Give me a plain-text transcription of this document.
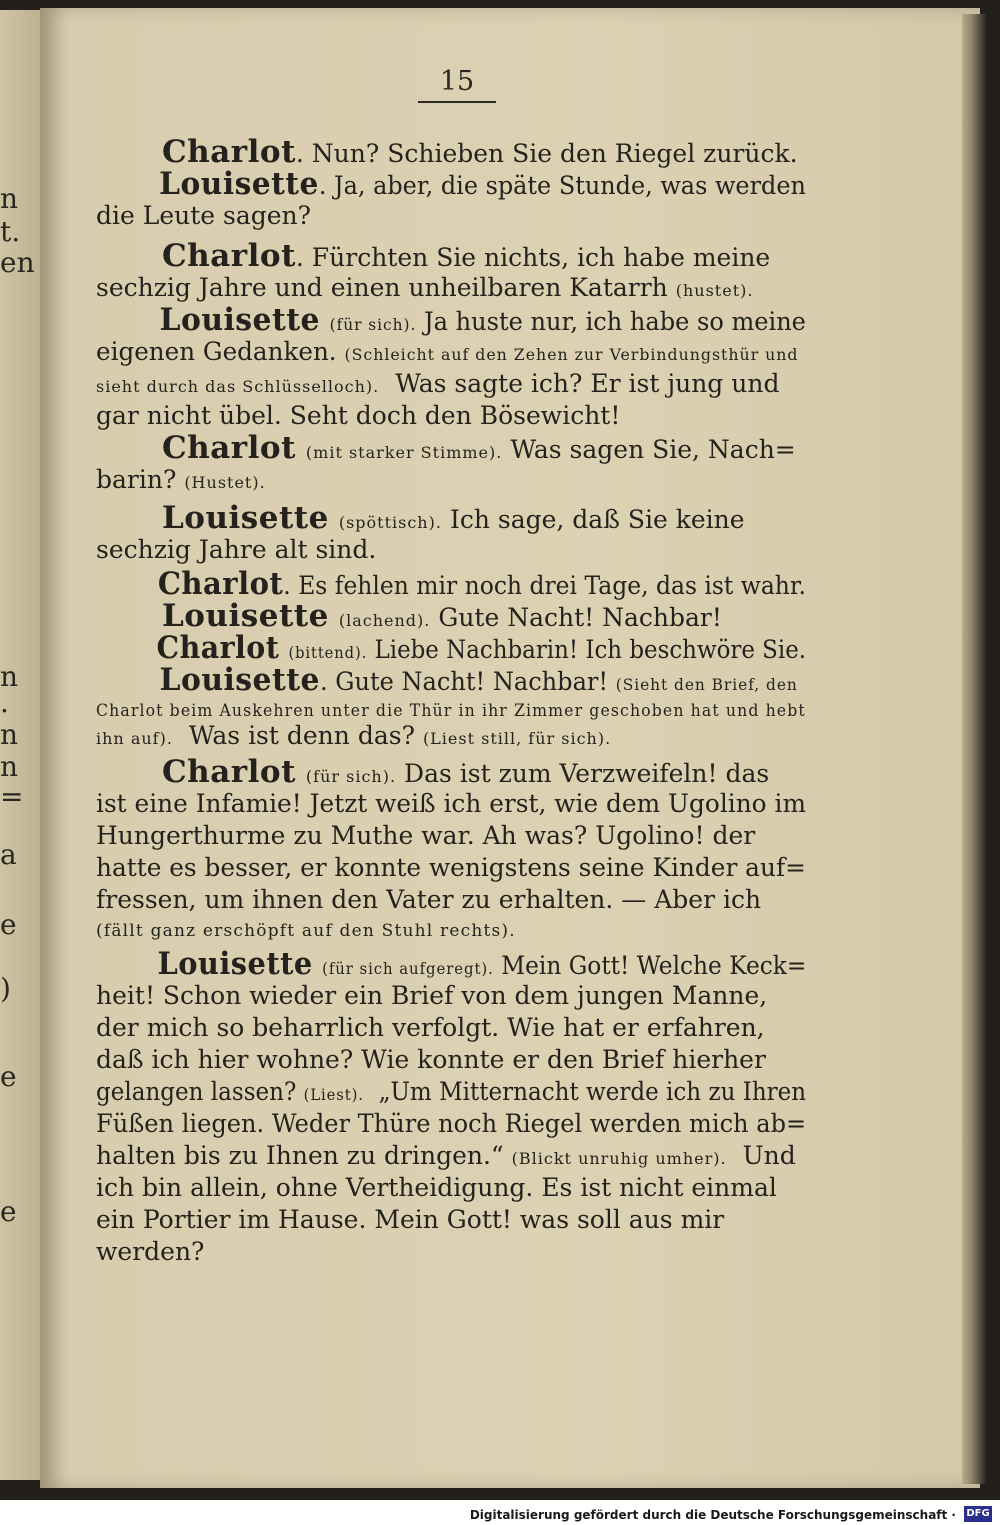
n
t.
en
n
.
n
n
=
a
e
)
e
e
15
Charlot. Nun? Schieben Sie den Riegel zurück.
Louisette. Ja, aber, die späte Stunde, was werden
die Leute sagen?
Charlot. Fürchten Sie nichts, ich habe meine
sechzig Jahre und einen unheilbaren Katarrh (hustet).
Louisette (für sich). Ja huste nur, ich habe so meine
eigenen Gedanken. (Schleicht auf den Zehen zur Verbindungsthür und
sieht durch das Schlüsselloch). Was sagte ich? Er ist jung und
gar nicht übel. Seht doch den Bösewicht!
Charlot (mit starker Stimme). Was sagen Sie, Nach=
barin? (Hustet).
Louisette (spöttisch). Ich sage, daß Sie keine
sechzig Jahre alt sind.
Charlot. Es fehlen mir noch drei Tage, das ist wahr.
Louisette (lachend). Gute Nacht! Nachbar!
Charlot (bittend). Liebe Nachbarin! Ich beschwöre Sie.
Louisette. Gute Nacht! Nachbar! (Sieht den Brief, den
Charlot beim Auskehren unter die Thür in ihr Zimmer geschoben hat und hebt
ihn auf). Was ist denn das? (Liest still, für sich).
Charlot (für sich). Das ist zum Verzweifeln! das
ist eine Infamie! Jetzt weiß ich erst, wie dem Ugolino im
Hungerthurme zu Muthe war. Ah was? Ugolino! der
hatte es besser, er konnte wenigstens seine Kinder auf=
fressen, um ihnen den Vater zu erhalten. — Aber ich
(fällt ganz erschöpft auf den Stuhl rechts).
Louisette (für sich aufgeregt). Mein Gott! Welche Keck=
heit! Schon wieder ein Brief von dem jungen Manne,
der mich so beharrlich verfolgt. Wie hat er erfahren,
daß ich hier wohne? Wie konnte er den Brief hierher
gelangen lassen? (Liest). „Um Mitternacht werde ich zu Ihren
Füßen liegen. Weder Thüre noch Riegel werden mich ab=
halten bis zu Ihnen zu dringen.“ (Blickt unruhig umher). Und
ich bin allein, ohne Vertheidigung. Es ist nicht einmal
ein Portier im Hause. Mein Gott! was soll aus mir
werden?
Digitalisierung gefördert durch die Deutsche Forschungsgemeinschaft · DFG
